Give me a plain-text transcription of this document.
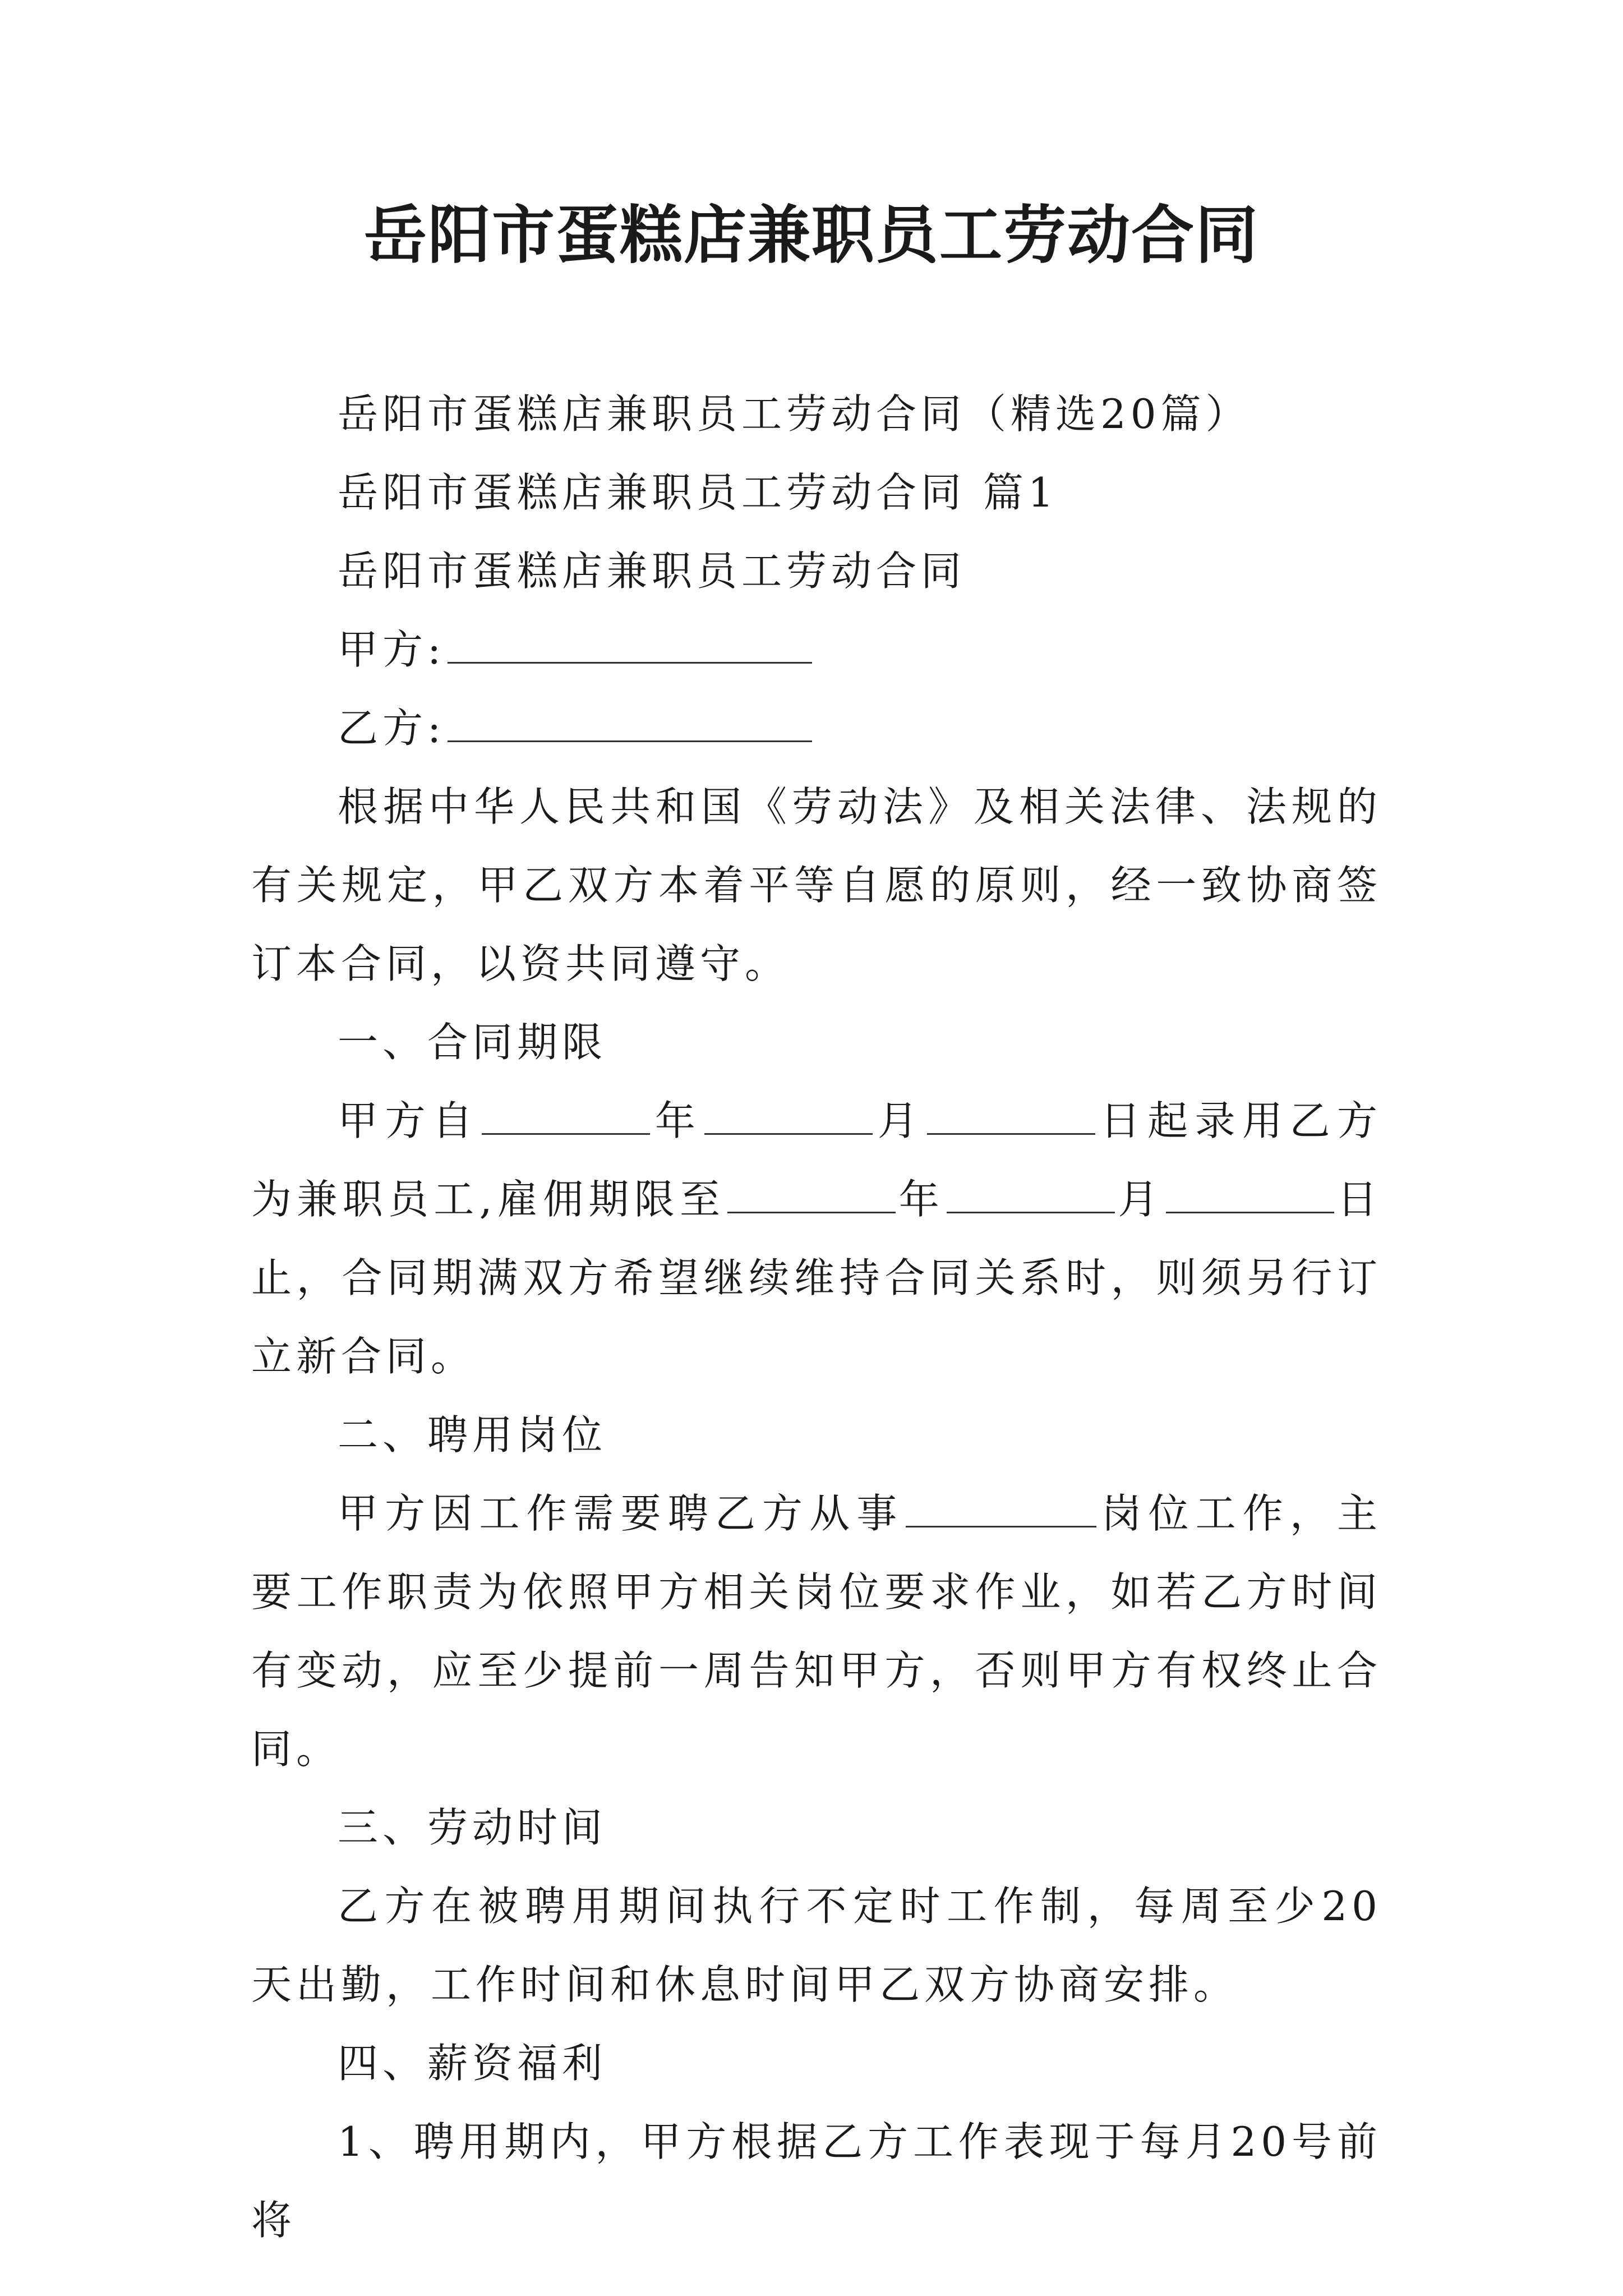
岳阳市蛋糕店兼职员工劳动合同

岳阳市蛋糕店兼职员工劳动合同（精选20篇）

岳阳市蛋糕店兼职员工劳动合同 篇1

岳阳市蛋糕店兼职员工劳动合同

甲方:

乙方:

根据中华人民共和国《劳动法》及相关法律、法规的有关规定，甲乙双方本着平等自愿的原则，经一致协商签订本合同，以资共同遵守。

一、合同期限

甲方自	年	月	日起录用乙方为兼职员工,雇佣期限至	年	月	日止，合同期满双方希望继续维持合同关系时，则须另行订立新合同。

二、聘用岗位

甲方因工作需要聘乙方从事	岗位工作，主要工作职责为依照甲方相关岗位要求作业，如若乙方时间有变动，应至少提前一周告知甲方，否则甲方有权终止合同。

三、劳动时间

乙方在被聘用期间执行不定时工作制，每周至少20天出勤，工作时间和休息时间甲乙双方协商安排。

四、薪资福利

1、聘用期内，甲方根据乙方工作表现于每月20号前将
